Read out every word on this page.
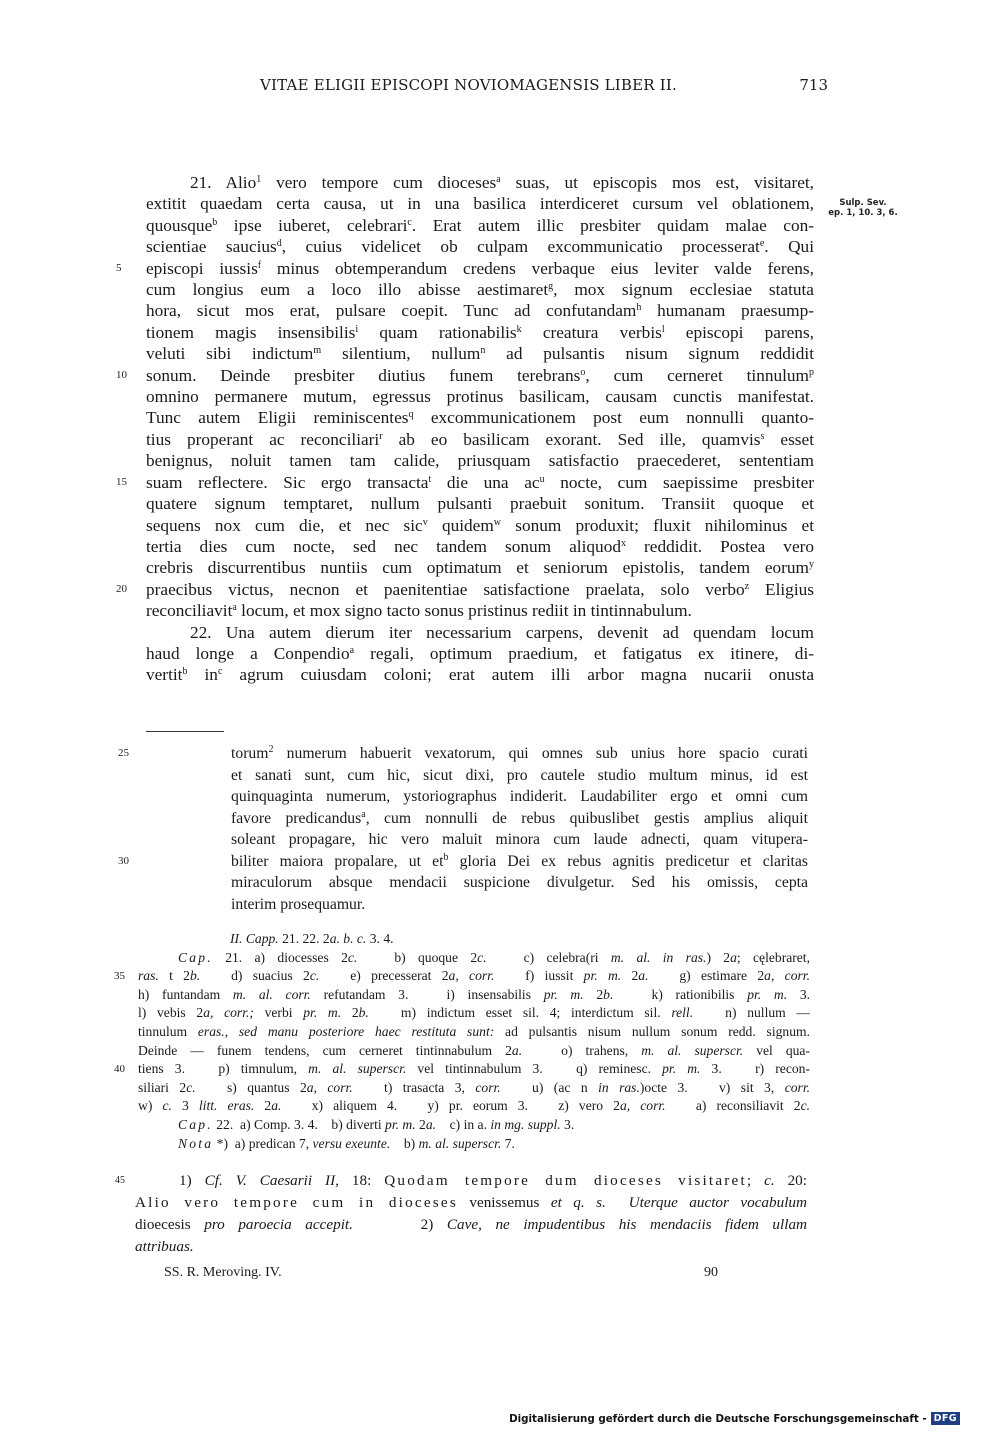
VITAE ELIGII EPISCOPI NOVIOMAGENSIS LIBER II.	713
Sulp. Sev.
ep. 1, 10. 3, 6.
21. Alio$^1$ vero tempore cum dioceses$^a$ suas, ut episcopis mos est, visitaret,
extitit quaedam certa causa, ut in una basilica interdiceret cursum vel oblationem,
quousque$^b$ ipse iuberet, celebrari$^c$. Erat autem illic presbiter quidam malae con-
scientiae saucius$^d$, cuius videlicet ob culpam excommunicatio processerat$^e$. Qui
5 episcopi iussis$^f$ minus obtemperandum credens verbaque eius leviter valde ferens,
cum longius eum a loco illo abisse aestimaret$^g$, mox signum ecclesiae statuta
hora, sicut mos erat, pulsare coepit. Tunc ad confutandam$^h$ humanam praesump-
tionem magis insensibilis$^i$ quam rationabilis$^k$ creatura verbis$^l$ episcopi parens,
veluti sibi indictum$^m$ silentium, nullum$^n$ ad pulsantis nisum signum reddidit
10 sonum. Deinde presbiter diutius funem terebrans$^o$, cum cerneret tinnulum$^p$
omnino permanere mutum, egressus protinus basilicam, causam cunctis manifestat.
Tunc autem Eligii reminiscentes$^q$ excommunicationem post eum nonnulli quanto-
tius properant ac reconciliari$^r$ ab eo basilicam exorant. Sed ille, quamvis$^s$ esset
benignus, noluit tamen tam calide, priusquam satisfactio praecederet, sententiam
15 suam reflectere. Sic ergo transacta$^t$ die una $ac^u$ nocte, cum saepissime presbiter
quatere signum temptaret, nullum pulsanti praebuit sonitum. Transiit quoque et
sequens nox cum die, et nec sic$^v$ quidem$^w$ sonum produxit; fluxit nihilominus et
tertia dies cum nocte, sed nec tandem sonum aliquod$^x$ reddidit. Postea vero
crebris discurrentibus nuntiis cum optimatum et seniorum epistolis, tandem eorum$^y$
20 praecibus victus, necnon et paenitentiae satisfactione praelata, solo verbo$^z$ Eligius
reconciliavit$^a$ locum, et mox signo tacto sonus pristinus rediit in tintinnabulum.
22. Una autem dierum iter necessarium carpens, devenit ad quendam locum
haud longe a Conpendio$^a$ regali, optimum praedium, et fatigatus ex itinere, di-
vertit$^b$ $in^c$ agrum cuiusdam coloni; erat autem illi arbor magna nucarii onusta
25	torum$^2$ numerum habuerit vexatorum, qui omnes sub unius hore spacio curati
et sanati sunt, cum hic, sicut dixi, pro cautele studio multum minus, id est
quinquaginta numerum, ystoriographus indiderit. Laudabiliter ergo et omni cum
favore predicandus$^a$, cum nonnulli de rebus quibuslibet gestis amplius aliquit
soleant propagare, hic vero maluit minora cum laude adnecti, quam vitupera-
30	biliter maiora propalare, ut $et^b$ gloria Dei ex rebus agnitis predicetur et claritas
miraculorum absque mendacii suspicione divulgetur. Sed his omissis, cepta
interim prosequamur.
II. Capp. 21. 22. 2a. b. c. 3. 4.
Cap. 21. a) diocesses 2c.   b) quoque 2c.   c) celebra(ri m. al. in ras.) 2a; cęlebraret,
35 ras. t 2b.   d) suacius 2c.   e) precesserat 2a, corr.   f) iussit pr. m. 2a.   g) estimare 2a, corr.
h) funtandam m. al. corr. refutandam 3.   i) insensabilis pr. m. 2b.   k) rationibilis pr. m. 3.
l) vebis 2a, corr.; verbi pr. m. 2b.   m) indictum esset sil. 4; interdictum sil. rell.   n) nullum —
tinnulum eras., sed manu posteriore haec restituta sunt: ad pulsantis nisum nullum sonum redd. signum.
Deinde — funem tendens, cum cerneret tintinnabulum 2a.   o) trahens, m. al. superscr. vel qua-
40 tiens 3.   p) timnulum, m. al. superscr. vel tintinnabulum 3.   q) reminesc. pr. m. 3.   r) recon-
siliari 2c.   s) quantus 2a, corr.   t) trasacta 3, corr.   u) (ac n in ras.)octe 3.   v) sit 3, corr.
w) c. 3 litt. eras. 2a.   x) aliquem 4.   y) pr. eorum 3.   z) vero 2a, corr.   a) reconsiliavit 2c.
Cap. 22.  a) Comp. 3. 4.    b) diverti pr. m. 2a.    c) in a. in mg. suppl. 3.
Nota *)  a) predican 7, versu exeunte.    b) m. al. superscr. 7.
45	1) Cf. V. Caesarii II, 18: Quodam tempore dum dioceses visitaret; c. 20:
Alio vero tempore cum in dioceses venissemus et q. s.  Uterque auctor vocabulum
dioecesis pro paroecia accepit.     2) Cave, ne impudentibus his mendaciis fidem ullam
attribuas.
SS. R. Meroving. IV.	90
Digitalisierung gefördert durch die Deutsche Forschungsgemeinschaft - DFG
